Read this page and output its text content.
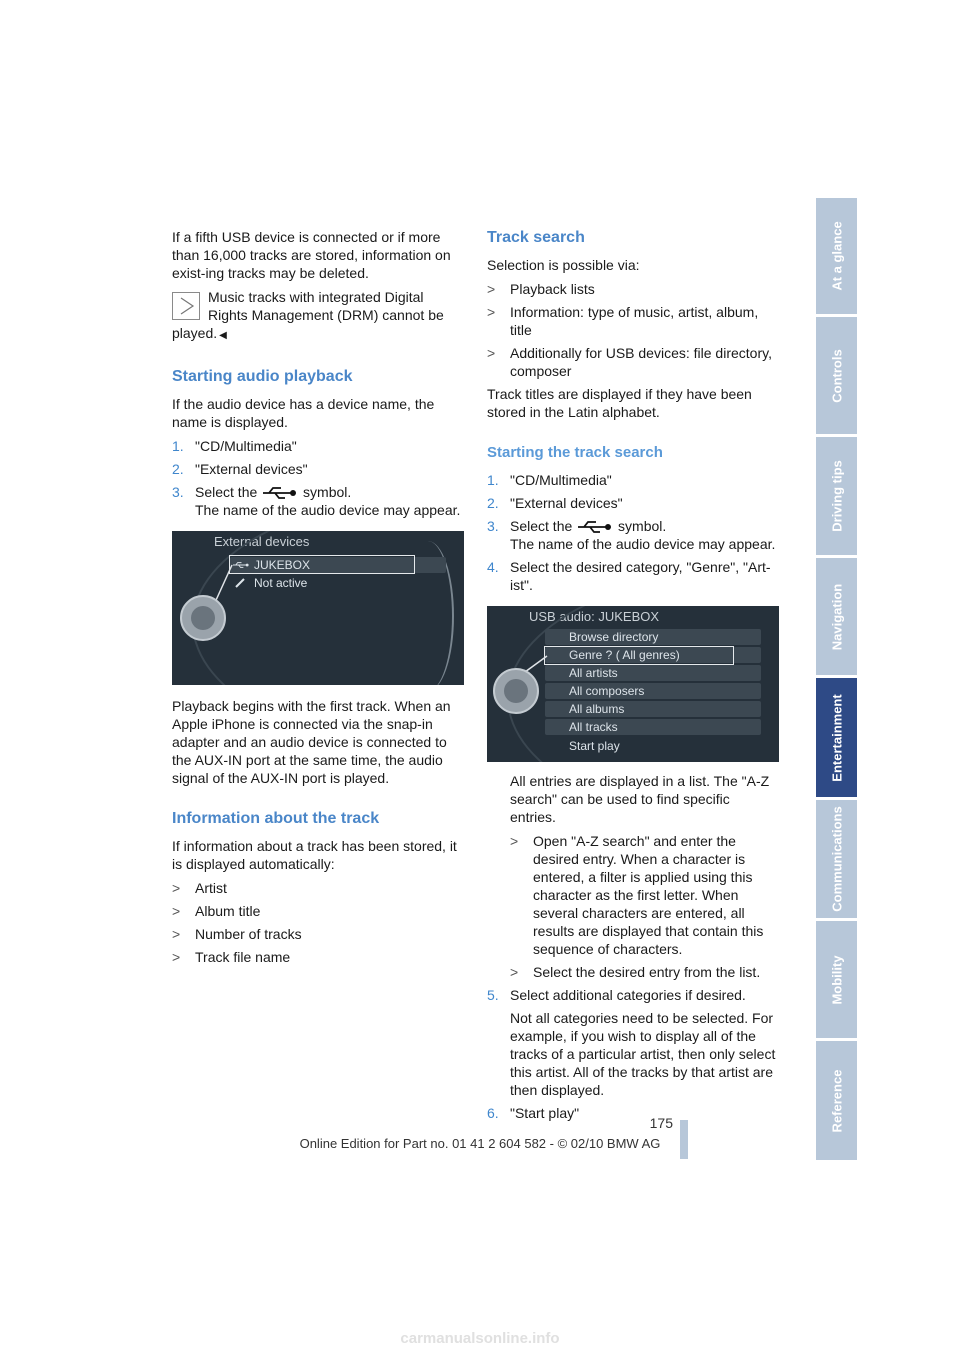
If a fifth USB device is connected or if more than 16,000 tracks are stored, information on exist-ing tracks may be deleted.

Music tracks with integrated Digital Rights Management (DRM) cannot be
played. ◀
Starting audio playback

If the audio device has a device name, the name is displayed.

1. "CD/Multimedia"
2. "External devices"
3. Select the	symbol.
The name of the audio device may appear.
External devices
JUKEBOX
Not active

Playback begins with the first track. When an Apple iPhone is connected via the snap-in adapter and an audio device is connected to the AUX-IN port at the same time, the audio signal of the AUX-IN port is played.

Information about the track

If information about a track has been stored, it is displayed automatically:

> Artist
> Album title
> Number of tracks
> Track file name
Track search

Selection is possible via:

> Playback lists
> Information: type of music, artist, album, title
> Additionally for USB devices: file directory, composer

Track titles are displayed if they have been stored in the Latin alphabet.

Starting the track search
1. "CD/Multimedia"
2. "External devices"
3. Select the	symbol.
The name of the audio device may appear.
4. Select the desired category, "Genre", "Art-ist".
USB audio: JUKEBOX
Browse directory
Genre ? ( All genres)
All artists
All composers
All albums
All tracks
Start play

All entries are displayed in a list. The "A-Z search" can be used to find specific entries.

> Open "A-Z search" and enter the desired entry. When a character is entered, a filter is applied using this character as the first letter. When several characters are entered, all results are displayed that contain this sequence of characters.
> Select the desired entry from the list.
5. Select additional categories if desired.

Not all categories need to be selected. For example, if you wish to display all of the tracks of a particular artist, then only select this artist. All of the tracks by that artist are then displayed.

6. "Start play"
At a glance
Controls
Driving tips
Navigation
Entertainment
Communications
Mobility
Reference
175
Online Edition for Part no. 01 41 2 604 582 - © 02/10 BMW AG
carmanualsonline.info
